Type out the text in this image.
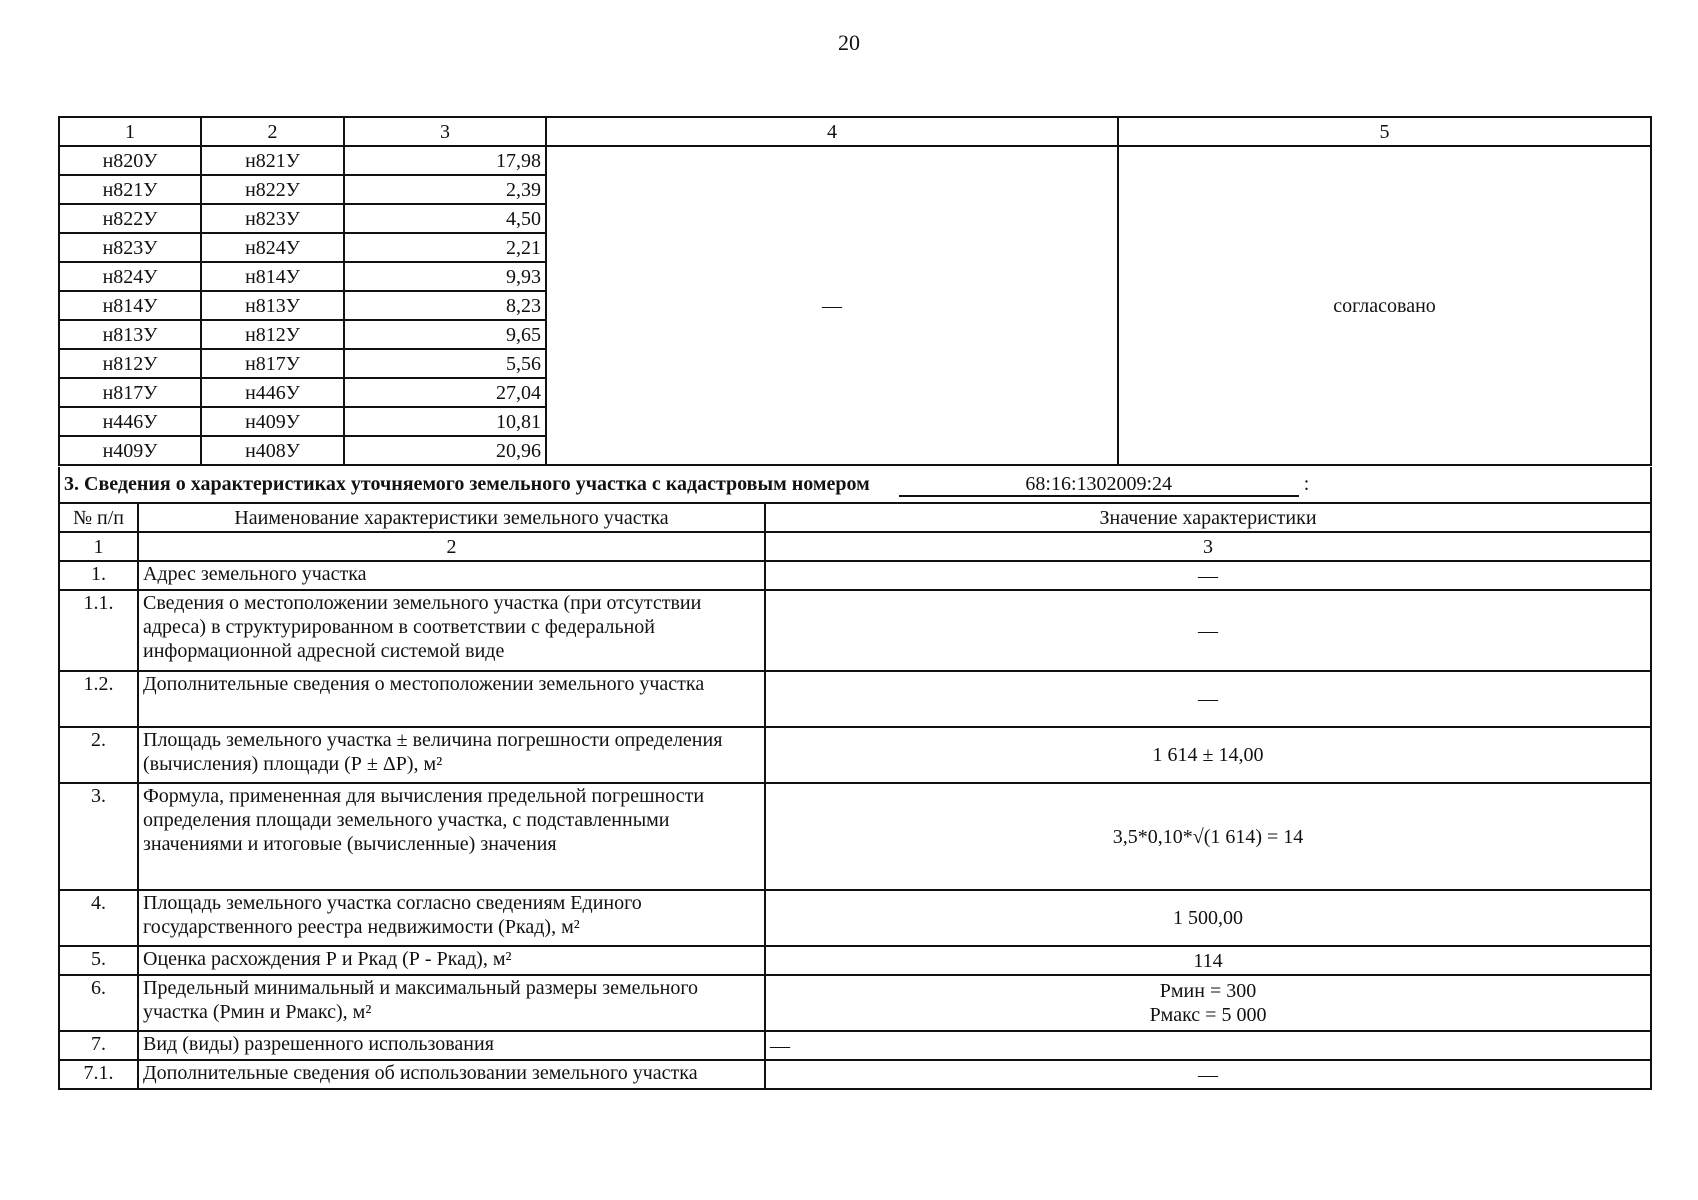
20
1	2	3	4	5
н820У	н821У	17,98	—	согласовано
н821У	н822У	2,39		
н822У	н823У	4,50		
н823У	н824У	2,21		
н824У	н814У	9,93		
н814У	н813У	8,23		
н813У	н812У	9,65		
н812У	н817У	5,56		
н817У	н446У	27,04		
н446У	н409У	10,81		
н409У	н408У	20,96		
3. Сведения о характеристиках уточняемого земельного участка с кадастровым номером 68:16:1302009:24 :		
№ п/п	Наименование характеристики земельного участка	Значение характеристики
1	2	3
1.	Адрес земельного участка	—
1.1.	Сведения о местоположении земельного участка (при отсутствии адреса) в структурированном в соответствии с федеральной информационной адресной системой виде	—
1.2.	Дополнительные сведения о местоположении земельного участка	—
2.	Площадь земельного участка ± величина погрешности определения (вычисления) площади (Р ± ΔР), м²	1 614 ± 14,00
3.	Формула, примененная для вычисления предельной погрешности определения площади земельного участка, с подставленными значениями и итоговые (вычисленные) значения	3,5*0,10*√(1 614) = 14
4.	Площадь земельного участка согласно сведениям Единого государственного реестра недвижимости (Ркад), м²	1 500,00
5.	Оценка расхождения Р и Ркад (Р - Ркад), м²	114
6.	Предельный минимальный и максимальный размеры земельного участка (Рмин и Рмакс), м²	Рмин = 300
Рмакс = 5 000

7.	Вид (виды) разрешенного использования	—
7.1.	Дополнительные сведения об использовании земельного участка	—
